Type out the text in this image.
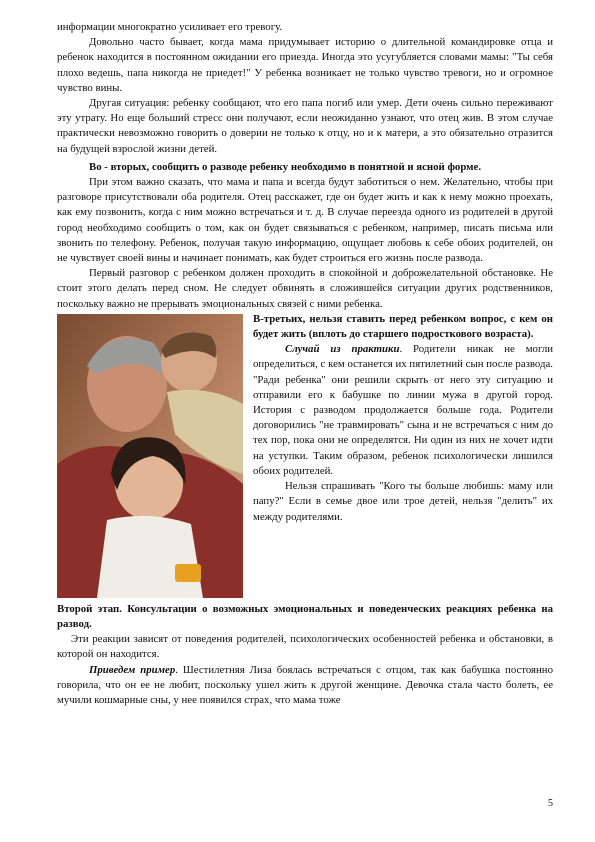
информации многократно усиливает его тревогу.

Довольно часто бывает, когда мама придумывает историю о длительной командировке отца и ребенок находится в постоянном ожидании его приезда. Иногда это усугубляется словами мамы: "Ты себя плохо ведешь, папа никогда не приедет!" У ребенка возникает не только чувство тревоги, но и огромное чувство вины.

Другая ситуация: ребенку сообщают, что его папа погиб или умер. Дети очень сильно переживают эту утрату. Но еще больший стресс они получают, если неожиданно узнают, что отец жив. В этом случае практически невозможно говорить о доверии не только к отцу, но и к матери, а это обязательно отразится на будущей взрослой жизни детей.

Во - вторых, сообщить о разводе ребенку необходимо в понятной и ясной форме.

При этом важно сказать, что мама и папа и всегда будут заботиться о нем. Желательно, чтобы при разговоре присутствовали оба родителя. Отец расскажет, где он будет жить и как к нему можно проехать, как ему позвонить, когда с ним можно встречаться и т. д. В случае переезда одного из родителей в другой город необходимо сообщить о том, как он будет связываться с ребенком, например, писать письма или звонить по телефону. Ребенок, получая такую информацию, ощущает любовь к себе обоих родителей, он не чувствует своей вины и начинает понимать, как будет строиться его жизнь после развода.

Первый разговор с ребенком должен проходить в спокойной и доброжелательной обстановке. Не стоит этого делать перед сном. Не следует обвинять в сложившейся ситуации других родственников, поскольку важно не прерывать эмоциональных связей с ними ребенка.

В-третьих, нельзя ставить перед ребенком вопрос, с кем он будет жить (вплоть до старшего подросткового возраста).

Случай из практики. Родители никак не могли определиться, с кем останется их пятилетний сын после развода. "Ради ребенка" они решили скрыть от него эту ситуацию и отправили его к бабушке по линии мужа в другой город. История с разводом продолжается больше года. Родители договорились "не травмировать" сына и не встречаться с ним до тех пор, пока они не определятся. Ни один из них не хочет идти на уступки. Таким образом, ребенок психологически лишился обоих родителей.

Нельзя спрашивать "Кого ты больше любишь: маму или папу?" Если в семье двое или трое детей, нельзя "делить" их между родителями.

Второй этап. Консультации о возможных эмоциональных и поведенческих реакциях ребенка на развод.

Эти реакции зависят от поведения родителей, психологических особенностей ребенка и обстановки, в которой он находится.

Приведем пример. Шестилетняя Лиза боялась встречаться с отцом, так как бабушка постоянно говорила, что он ее не любит, поскольку ушел жить к другой женщине. Девочка стала часто болеть, ее мучили кошмарные сны, у нее появился страх, что мама тоже

5
